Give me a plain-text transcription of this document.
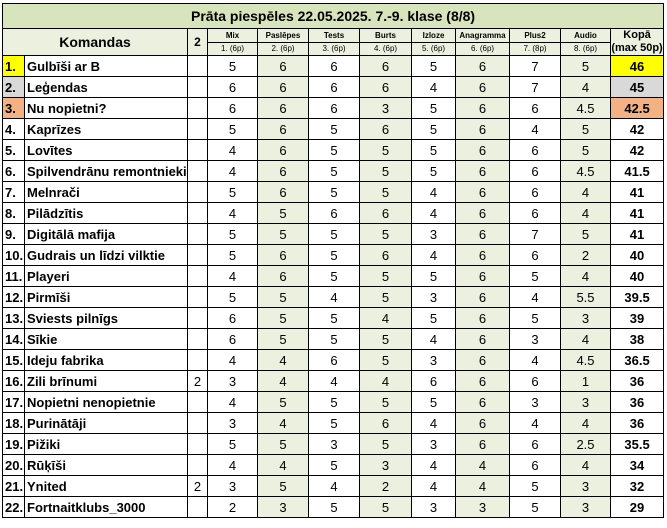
Prāta piespēles 22.05.2025. 7.-9. klase (8/8)											
Komandas		2	Mix	Paslēpes	Tests	Burts	Izloze	Anagramma	Plus2	Audio	Kopā
(max 50p)
			1. (6p)	2. (6p)	3. (6p)	4. (6p)	5. (6p)	6. (6p)	7. (8p)	8. (6p)	
1.	Gulbīši ar B		5	6	6	6	5	6	7	5	46
2.	Leģendas		6	6	6	6	4	6	7	4	45
3.	Nu nopietni?		6	6	6	3	5	6	6	4.5	42.5
4.	Kaprīzes		5	6	5	6	5	6	4	5	42
5.	Lovītes		4	6	5	5	5	6	6	5	42
6.	Spilvendrānu remontnieki		4	6	5	5	5	6	6	4.5	41.5
7.	Melnrači		5	6	5	5	4	6	6	4	41
8.	Pilādzītis		4	5	6	6	4	6	6	4	41
9.	Digitālā mafija		5	5	5	5	3	6	7	5	41
10.	Gudrais un līdzi vilktie		5	6	5	6	4	6	6	2	40
11.	Playeri		4	6	5	5	5	6	5	4	40
12.	Pirmīši		5	5	4	5	3	6	4	5.5	39.5
13.	Sviests pilnīgs		6	5	5	4	5	6	5	3	39
14.	Sīkie		6	5	5	5	4	6	3	4	38
15.	Ideju fabrika		4	4	6	5	3	6	4	4.5	36.5
16.	Zili brīnumi	2	3	4	4	4	6	6	6	1	36
17.	Nopietni nenopietnie		4	5	5	5	5	6	3	3	36
18.	Purinātāji		3	4	5	6	4	6	4	4	36
19.	Pižiki		5	5	3	5	3	6	6	2.5	35.5
20.	Rūķīši		4	4	5	3	4	4	6	4	34
21.	Ynited	2	3	5	4	2	4	4	5	3	32
22.	Fortnaitklubs_3000		2	3	5	5	3	3	5	3	29
